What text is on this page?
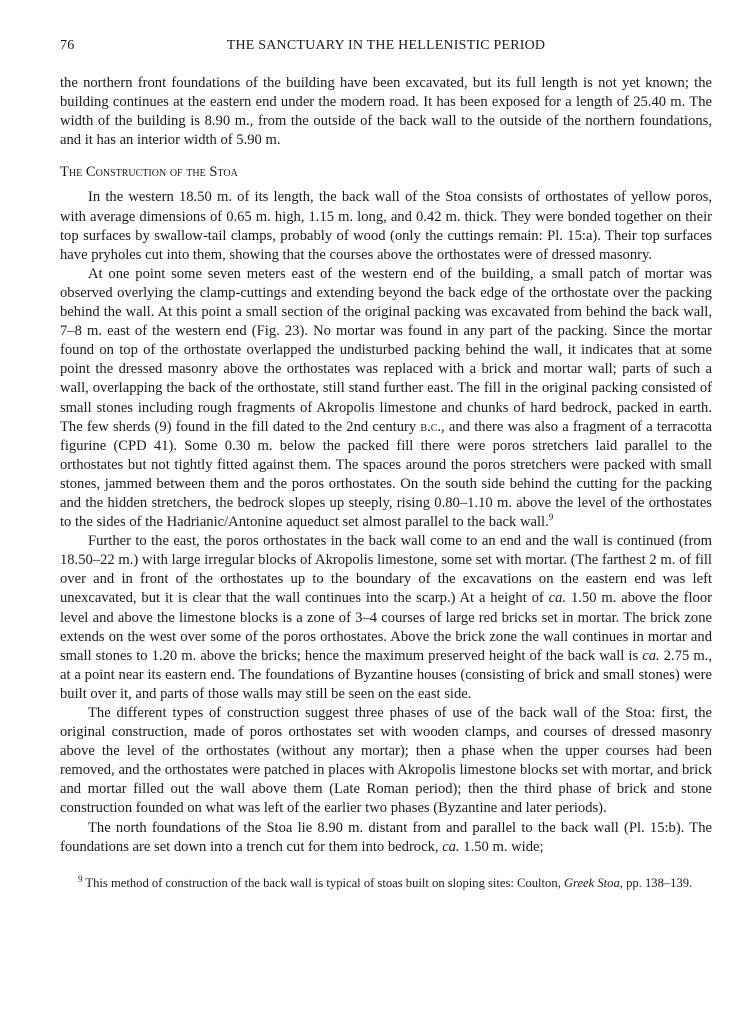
76	THE SANCTUARY IN THE HELLENISTIC PERIOD

the northern front foundations of the building have been excavated, but its full length is not yet known; the building continues at the eastern end under the modern road. It has been exposed for a length of 25.40 m. The width of the building is 8.90 m., from the outside of the back wall to the outside of the northern foundations, and it has an interior width of 5.90 m.

The Construction of the Stoa

In the western 18.50 m. of its length, the back wall of the Stoa consists of orthostates of yellow poros, with average dimensions of 0.65 m. high, 1.15 m. long, and 0.42 m. thick. They were bonded together on their top surfaces by swallow-tail clamps, probably of wood (only the cuttings remain: Pl. 15:a). Their top surfaces have pryholes cut into them, showing that the courses above the orthostates were of dressed masonry.

At one point some seven meters east of the western end of the building, a small patch of mortar was observed overlying the clamp-cuttings and extending beyond the back edge of the orthostate over the packing behind the wall. At this point a small section of the original packing was excavated from behind the back wall, 7–8 m. east of the western end (Fig. 23). No mortar was found in any part of the packing. Since the mortar found on top of the orthostate overlapped the undisturbed packing behind the wall, it indicates that at some point the dressed masonry above the orthostates was replaced with a brick and mortar wall; parts of such a wall, overlapping the back of the orthostate, still stand further east. The fill in the original packing consisted of small stones including rough fragments of Akropolis limestone and chunks of hard bedrock, packed in earth. The few sherds (9) found in the fill dated to the 2nd century b.c., and there was also a fragment of a terracotta figurine (CPD 41). Some 0.30 m. below the packed fill there were poros stretchers laid parallel to the orthostates but not tightly fitted against them. The spaces around the poros stretchers were packed with small stones, jammed between them and the poros orthostates. On the south side behind the cutting for the packing and the hidden stretchers, the bedrock slopes up steeply, rising 0.80–1.10 m. above the level of the orthostates to the sides of the Hadrianic/Antonine aqueduct set almost parallel to the back wall.$^9$

Further to the east, the poros orthostates in the back wall come to an end and the wall is continued (from 18.50–22 m.) with large irregular blocks of Akropolis limestone, some set with mortar. (The farthest 2 m. of fill over and in front of the orthostates up to the boundary of the excavations on the eastern end was left unexcavated, but it is clear that the wall continues into the scarp.) At a height of ca. 1.50 m. above the floor level and above the limestone blocks is a zone of 3–4 courses of large red bricks set in mortar. The brick zone extends on the west over some of the poros orthostates. Above the brick zone the wall continues in mortar and small stones to 1.20 m. above the bricks; hence the maximum preserved height of the back wall is ca. 2.75 m., at a point near its eastern end. The foundations of Byzantine houses (consisting of brick and small stones) were built over it, and parts of those walls may still be seen on the east side.

The different types of construction suggest three phases of use of the back wall of the Stoa: first, the original construction, made of poros orthostates set with wooden clamps, and courses of dressed masonry above the level of the orthostates (without any mortar); then a phase when the upper courses had been removed, and the orthostates were patched in places with Akropolis limestone blocks set with mortar, and brick and mortar filled out the wall above them (Late Roman period); then the third phase of brick and stone construction founded on what was left of the earlier two phases (Byzantine and later periods).

The north foundations of the Stoa lie 8.90 m. distant from and parallel to the back wall (Pl. 15:b). The foundations are set down into a trench cut for them into bedrock, ca. 1.50 m. wide;

$^9$ This method of construction of the back wall is typical of stoas built on sloping sites: Coulton, Greek Stoa, pp. 138–139.
